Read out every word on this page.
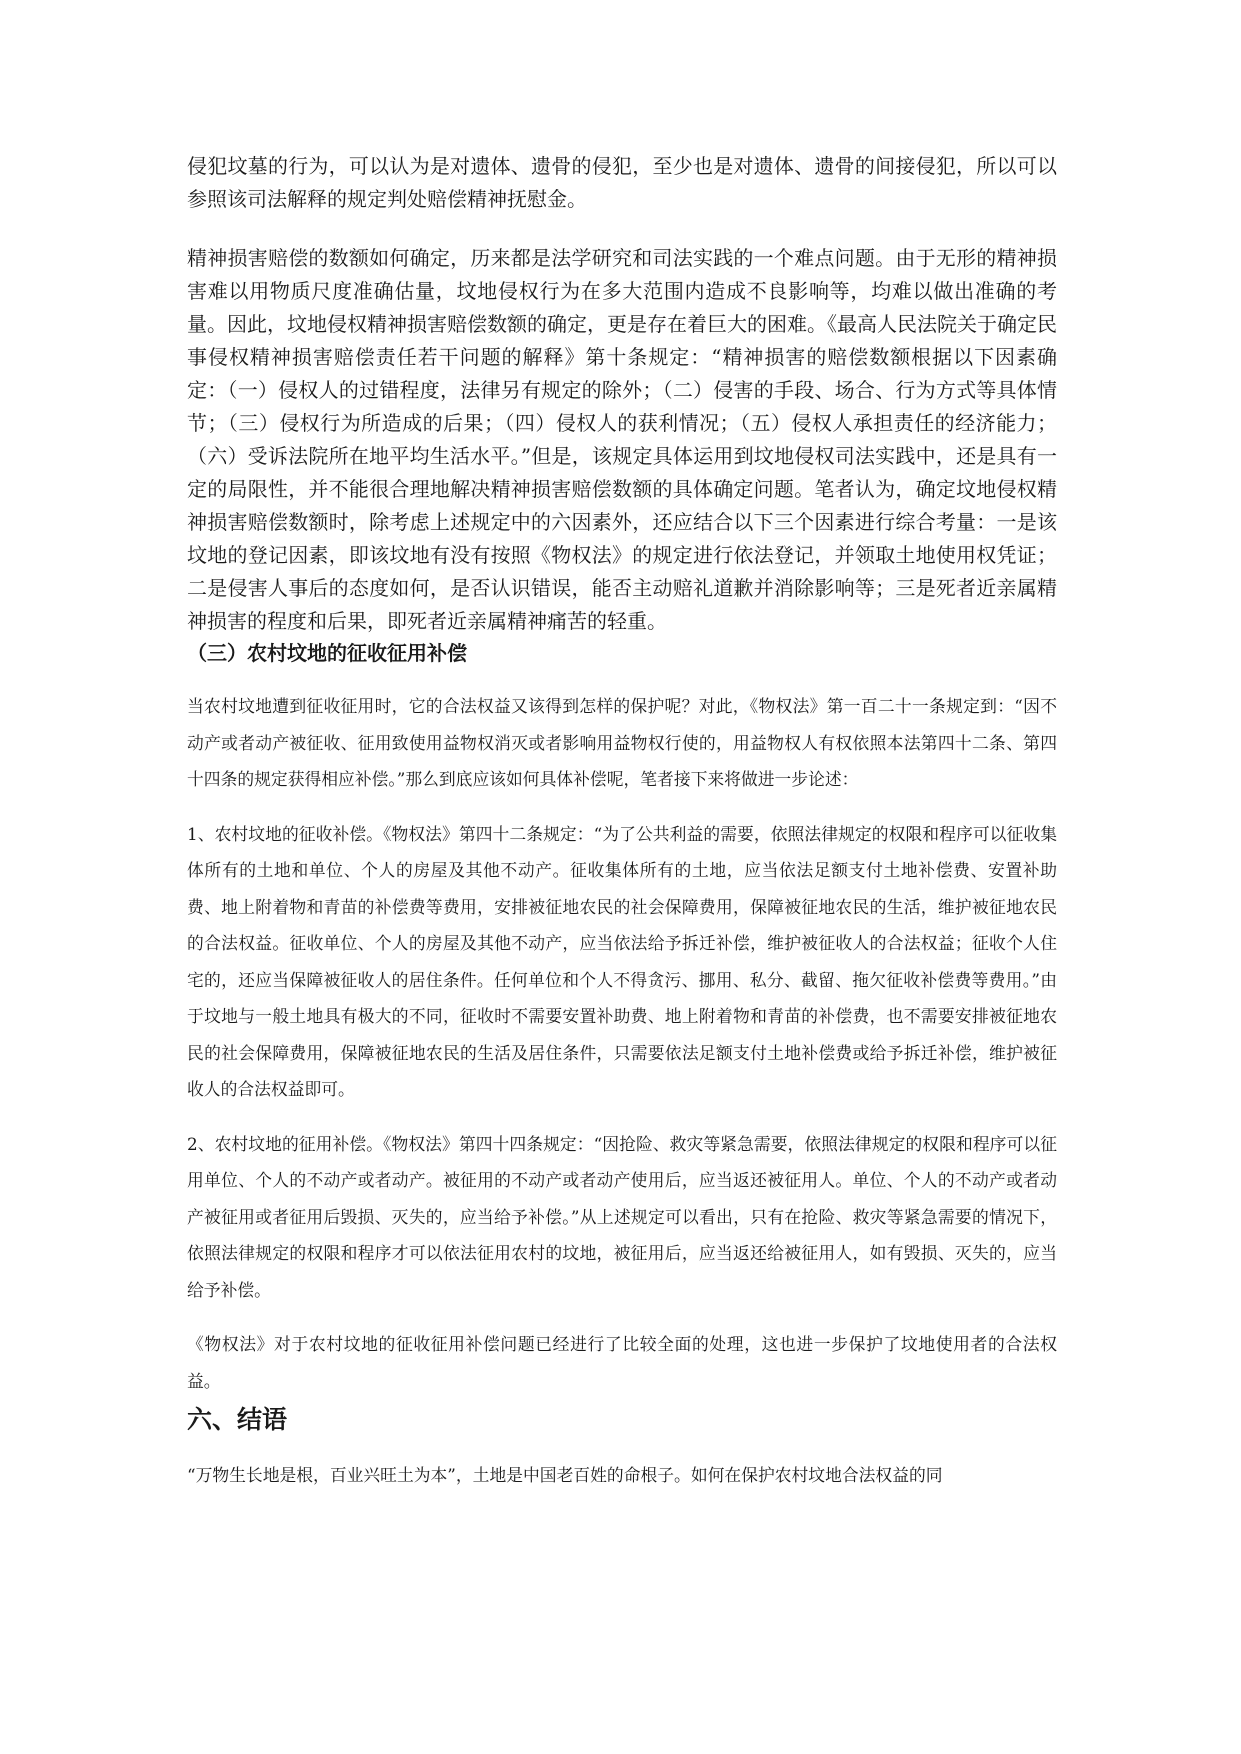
侵犯坟墓的行为，可以认为是对遗体、遗骨的侵犯，至少也是对遗体、遗骨的间接侵犯，所以可以参照该司法解释的规定判处赔偿精神抚慰金。

精神损害赔偿的数额如何确定，历来都是法学研究和司法实践的一个难点问题。由于无形的精神损害难以用物质尺度准确估量，坟地侵权行为在多大范围内造成不良影响等，均难以做出准确的考量。因此，坟地侵权精神损害赔偿数额的确定，更是存在着巨大的困难。《最高人民法院关于确定民事侵权精神损害赔偿责任若干问题的解释》第十条规定：“精神损害的赔偿数额根据以下因素确定：（一）侵权人的过错程度，法律另有规定的除外；（二）侵害的手段、场合、行为方式等具体情节；（三）侵权行为所造成的后果；（四）侵权人的获利情况；（五）侵权人承担责任的经济能力；（六）受诉法院所在地平均生活水平。”但是，该规定具体运用到坟地侵权司法实践中，还是具有一定的局限性，并不能很合理地解决精神损害赔偿数额的具体确定问题。笔者认为，确定坟地侵权精神损害赔偿数额时，除考虑上述规定中的六因素外，还应结合以下三个因素进行综合考量：一是该坟地的登记因素，即该坟地有没有按照《物权法》的规定进行依法登记，并领取土地使用权凭证；二是侵害人事后的态度如何，是否认识错误，能否主动赔礼道歉并消除影响等；三是死者近亲属精神损害的程度和后果，即死者近亲属精神痛苦的轻重。

（三）农村坟地的征收征用补偿

当农村坟地遭到征收征用时，它的合法权益又该得到怎样的保护呢？对此，《物权法》第一百二十一条规定到：“因不动产或者动产被征收、征用致使用益物权消灭或者影响用益物权行使的，用益物权人有权依照本法第四十二条、第四十四条的规定获得相应补偿。”那么到底应该如何具体补偿呢，笔者接下来将做进一步论述：

1、农村坟地的征收补偿。《物权法》第四十二条规定：“为了公共利益的需要，依照法律规定的权限和程序可以征收集体所有的土地和单位、个人的房屋及其他不动产。征收集体所有的土地，应当依法足额支付土地补偿费、安置补助费、地上附着物和青苗的补偿费等费用，安排被征地农民的社会保障费用，保障被征地农民的生活，维护被征地农民的合法权益。征收单位、个人的房屋及其他不动产，应当依法给予拆迁补偿，维护被征收人的合法权益；征收个人住宅的，还应当保障被征收人的居住条件。任何单位和个人不得贪污、挪用、私分、截留、拖欠征收补偿费等费用。”由于坟地与一般土地具有极大的不同，征收时不需要安置补助费、地上附着物和青苗的补偿费，也不需要安排被征地农民的社会保障费用，保障被征地农民的生活及居住条件，只需要依法足额支付土地补偿费或给予拆迁补偿，维护被征收人的合法权益即可。

2、农村坟地的征用补偿。《物权法》第四十四条规定：“因抢险、救灾等紧急需要，依照法律规定的权限和程序可以征用单位、个人的不动产或者动产。被征用的不动产或者动产使用后，应当返还被征用人。单位、个人的不动产或者动产被征用或者征用后毁损、灭失的，应当给予补偿。”从上述规定可以看出，只有在抢险、救灾等紧急需要的情况下，依照法律规定的权限和程序才可以依法征用农村的坟地，被征用后，应当返还给被征用人，如有毁损、灭失的，应当给予补偿。

《物权法》对于农村坟地的征收征用补偿问题已经进行了比较全面的处理，这也进一步保护了坟地使用者的合法权益。

六、结语

“万物生长地是根，百业兴旺土为本”，土地是中国老百姓的命根子。如何在保护农村坟地合法权益的同
